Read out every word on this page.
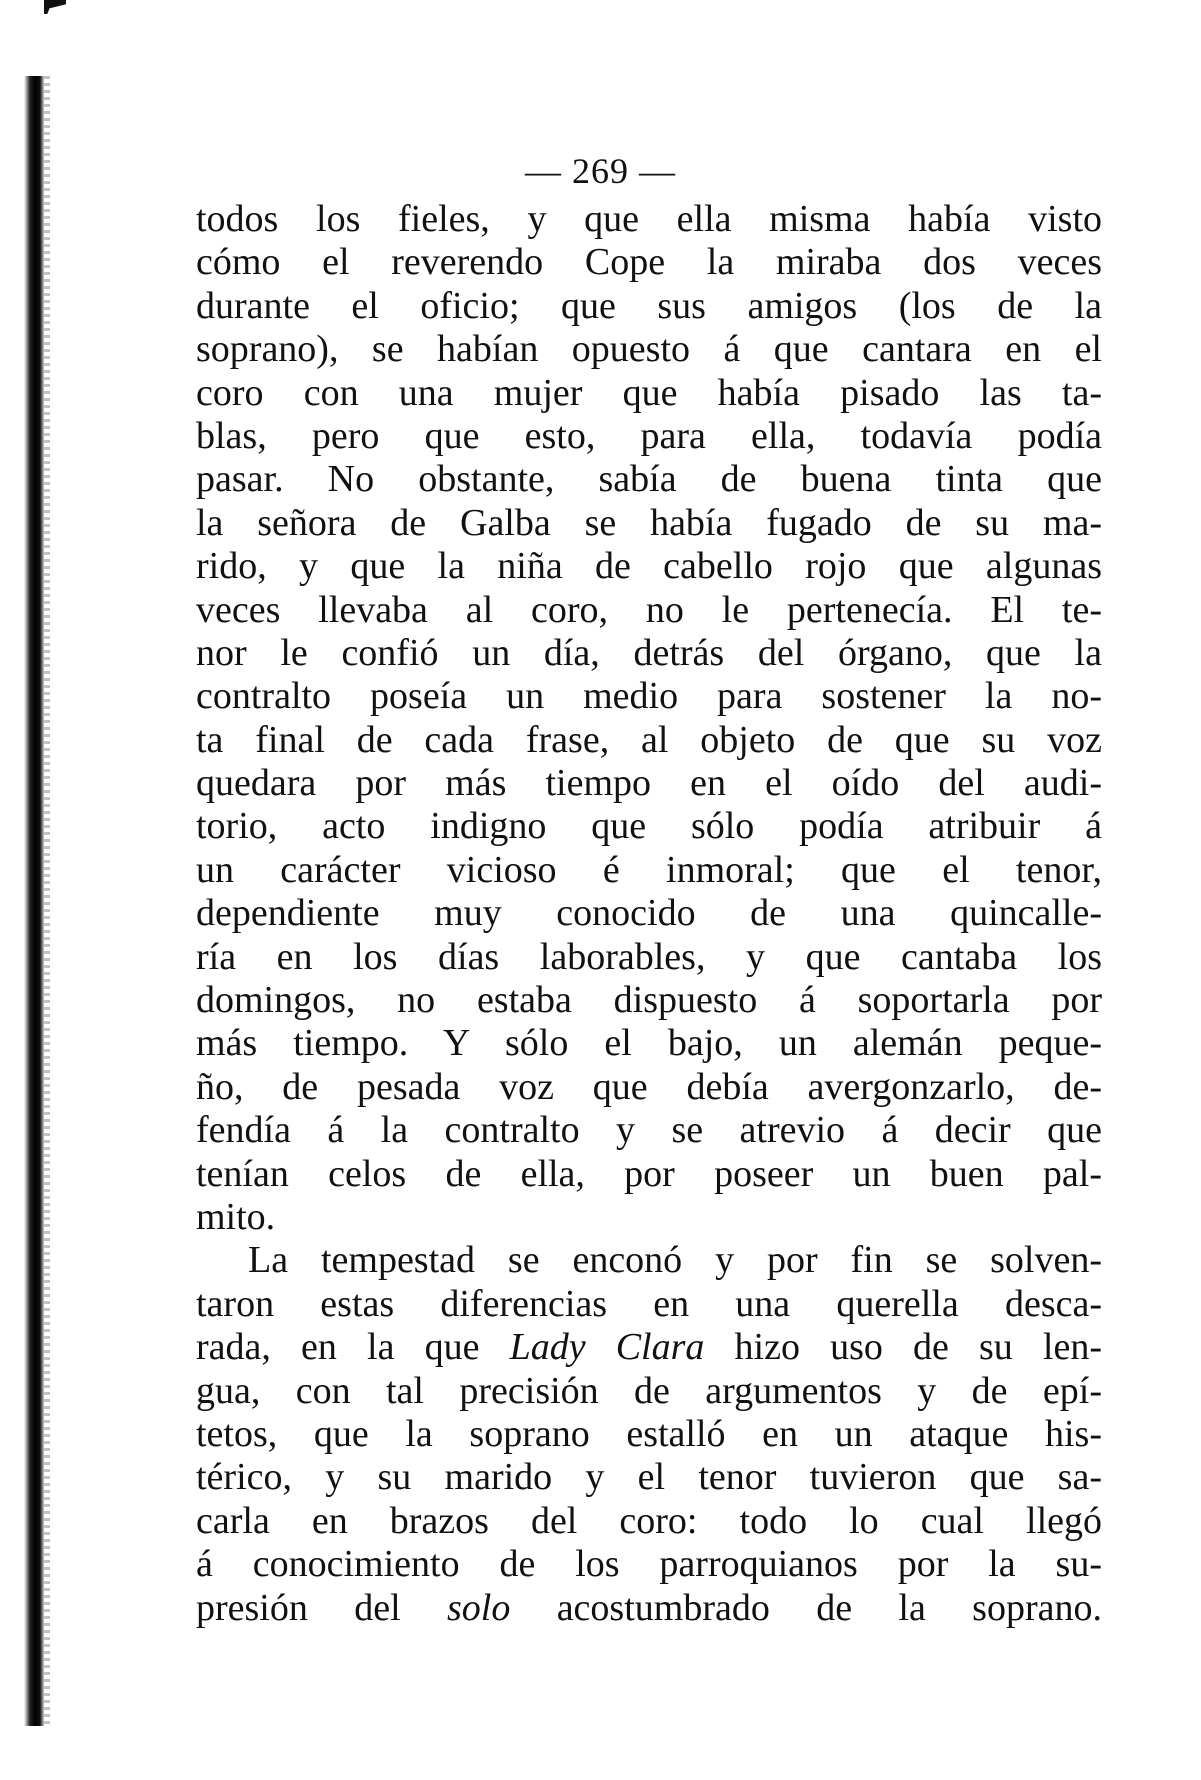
— 269 —
todos los fieles, y que ella misma había visto
cómo el reverendo Cope la miraba dos veces
durante el oficio; que sus amigos (los de la
soprano), se habían opuesto á que cantara en el
coro con una mujer que había pisado las ta-
blas, pero que esto, para ella, todavía podía
pasar. No obstante, sabía de buena tinta que
la señora de Galba se había fugado de su ma-
rido, y que la niña de cabello rojo que algunas
veces llevaba al coro, no le pertenecía. El te-
nor le confió un día, detrás del órgano, que la
contralto poseía un medio para sostener la no-
ta final de cada frase, al objeto de que su voz
quedara por más tiempo en el oído del audi-
torio, acto indigno que sólo podía atribuir á
un carácter vicioso é inmoral; que el tenor,
dependiente muy conocido de una quincalle-
ría en los días laborables, y que cantaba los
domingos, no estaba dispuesto á soportarla por
más tiempo. Y sólo el bajo, un alemán peque-
ño, de pesada voz que debía avergonzarlo, de-
fendía á la contralto y se atrevio á decir que
tenían celos de ella, por poseer un buen pal-
mito.
La tempestad se enconó y por fin se solven-
taron estas diferencias en una querella desca-
rada, en la que Lady Clara hizo uso de su len-
gua, con tal precisión de argumentos y de epí-
tetos, que la soprano estalló en un ataque his-
térico, y su marido y el tenor tuvieron que sa-
carla en brazos del coro: todo lo cual llegó
á conocimiento de los parroquianos por la su-
presión del solo acostumbrado de la soprano.
